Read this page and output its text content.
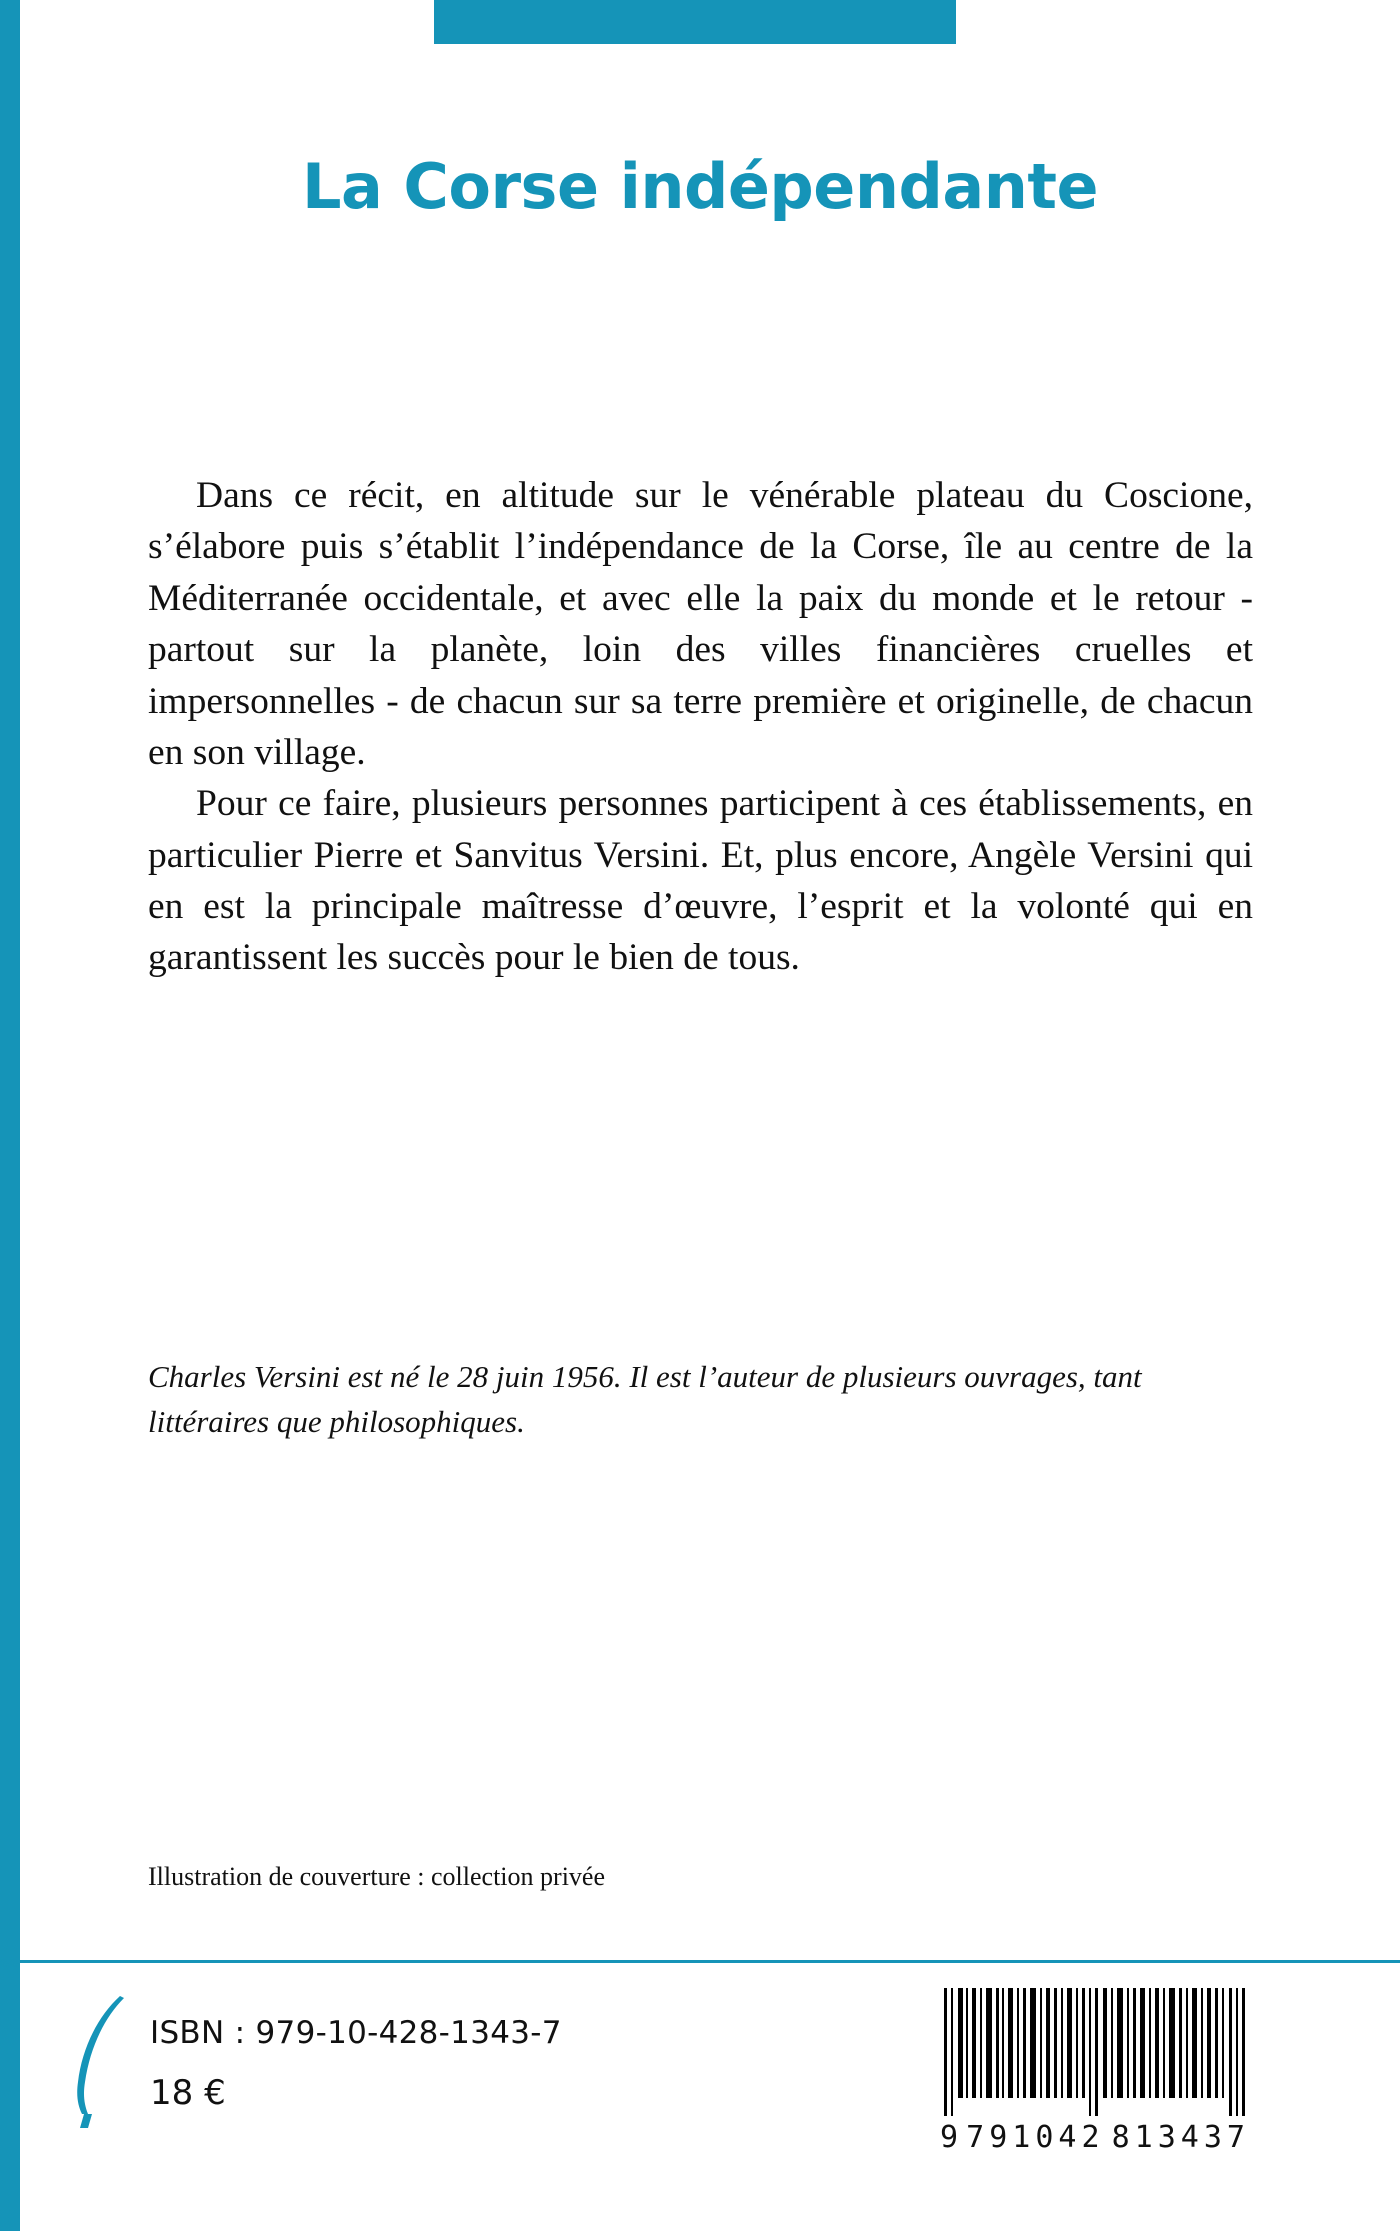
La Corse indépendante

Dans ce récit, en altitude sur le vénérable plateau du Coscione, s’élabore puis s’établit l’indépendance de la Corse, île au centre de la Méditerranée occidentale, et avec elle la paix du monde et le retour - partout sur la planète, loin des villes financières cruelles et impersonnelles - de chacun sur sa terre première et originelle, de chacun en son village.

Pour ce faire, plusieurs personnes participent à ces établissements, en particulier Pierre et Sanvitus Versini. Et, plus encore, Angèle Versini qui en est la principale maîtresse d’œuvre, l’esprit et la volonté qui en garantissent les succès pour le bien de tous.

Charles Versini est né le 28 juin 1956. Il est l’auteur de plusieurs ouvrages, tant littéraires que philosophiques.
Illustration de couverture : collection privée
ISBN : 979-10-428-1343-7
18 €
9 791042 813437
